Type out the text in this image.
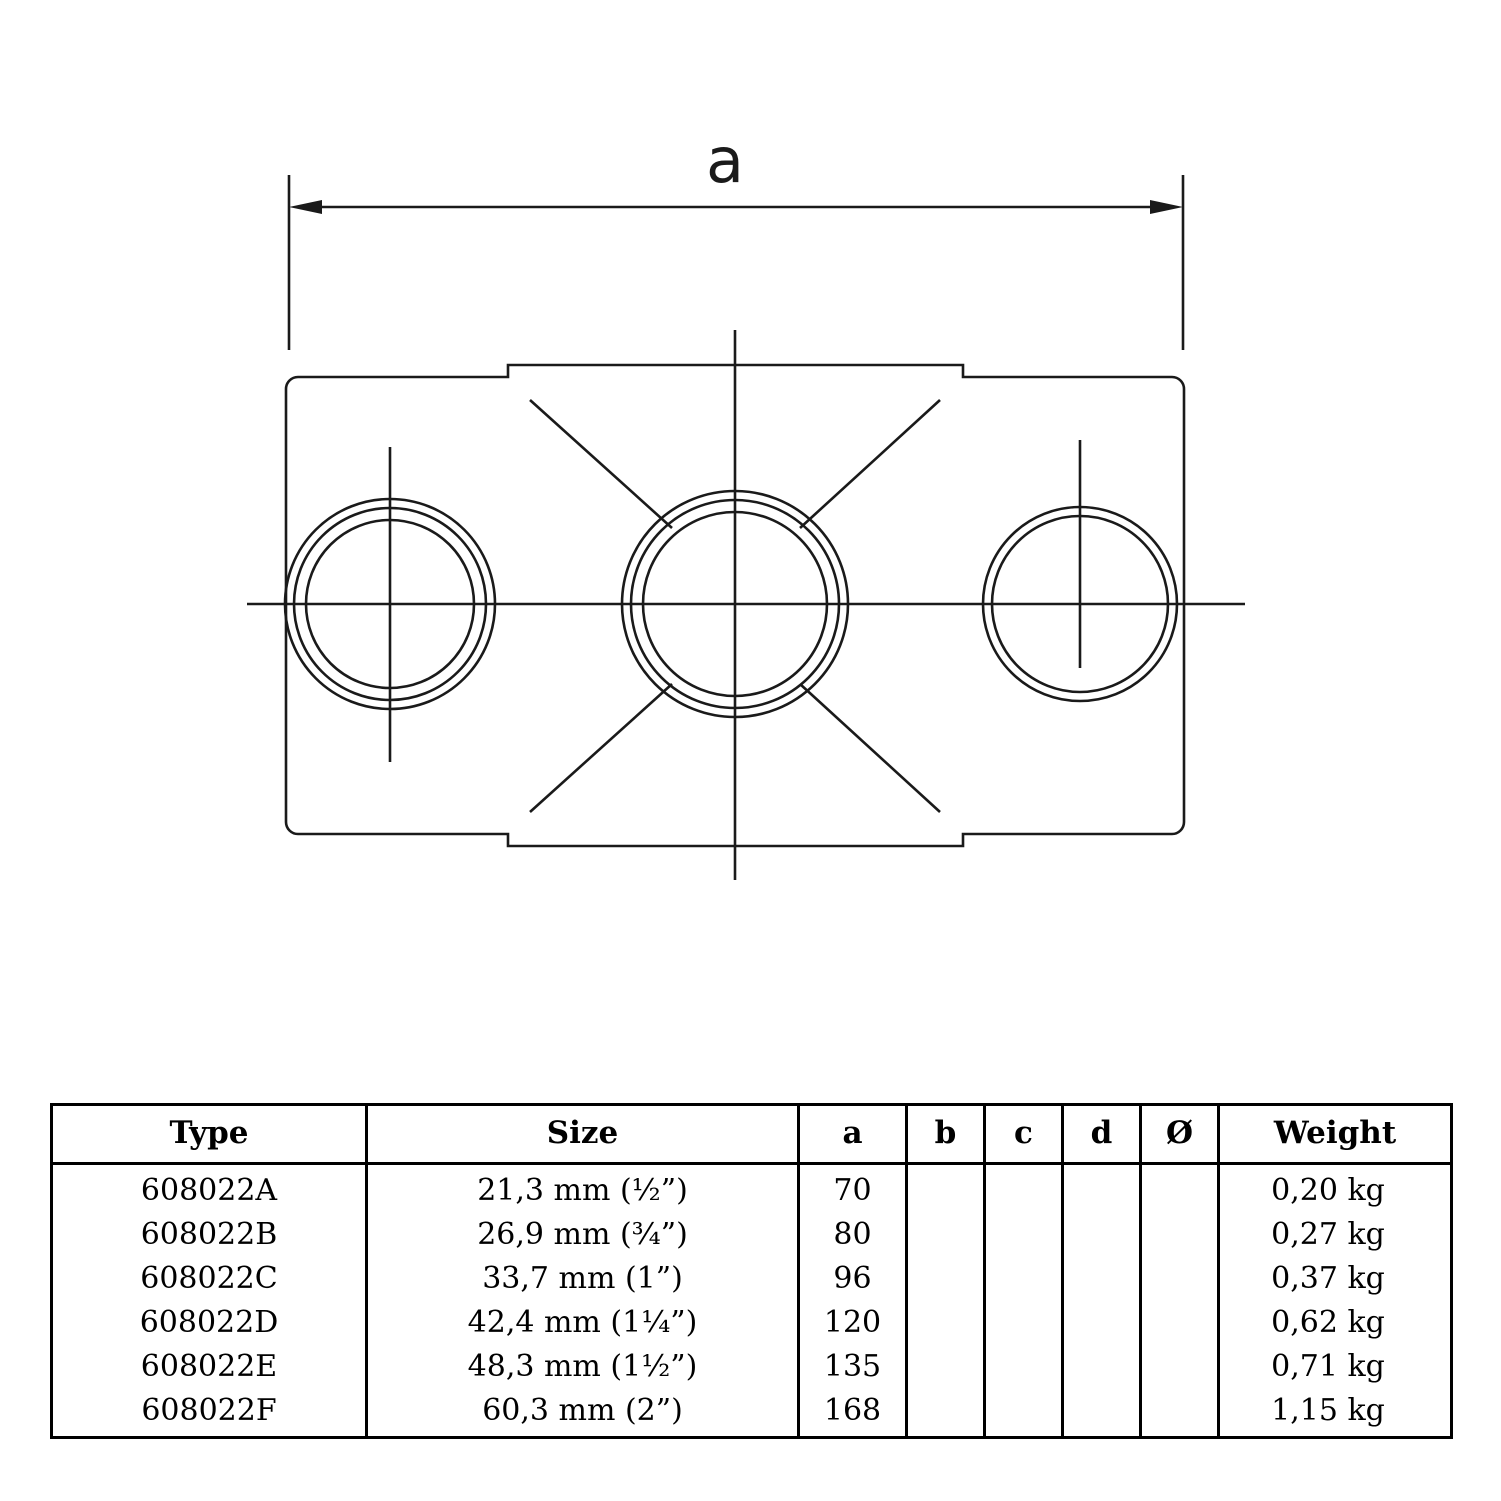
a
Type	Size	a	b	c	d	Ø	Weight
608022A	21,3 mm (½”)	70					0,20 kg
608022B	26,9 mm (¾”)	80					0,27 kg
608022C	33,7 mm (1”)	96					0,37 kg
608022D	42,4 mm (1¼”)	120					0,62 kg
608022E	48,3 mm (1½”)	135					0,71 kg
608022F	60,3 mm (2”)	168					1,15 kg
